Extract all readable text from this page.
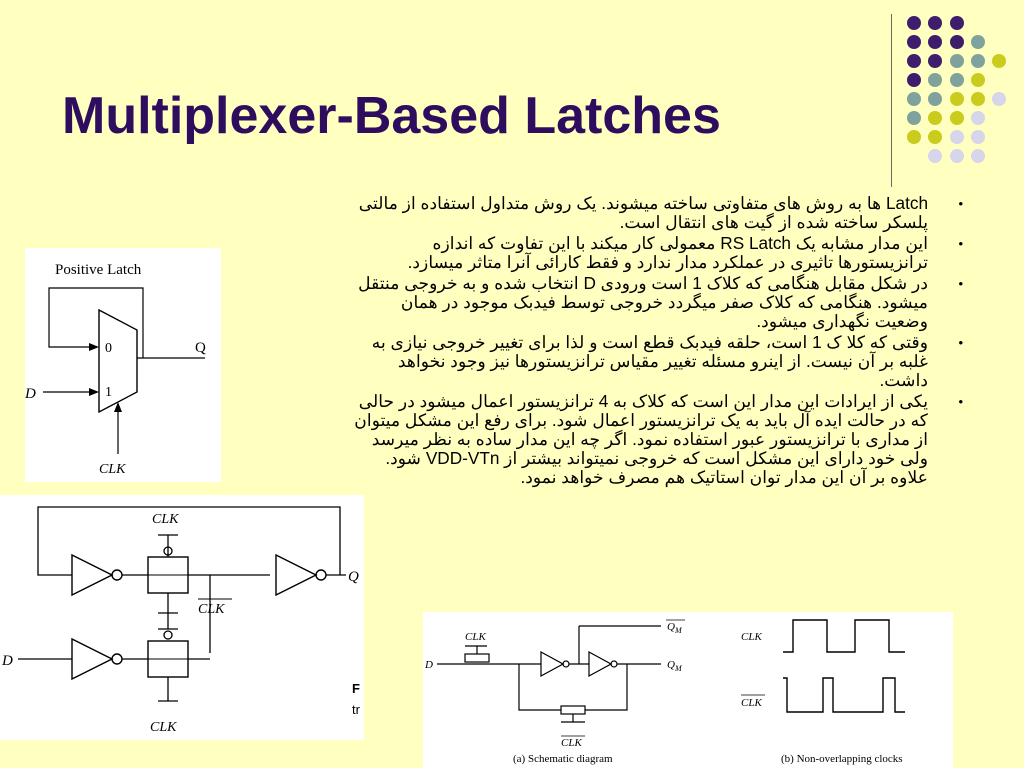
Multiplexer-Based Latches
•
Latch ها به روش های متفاوتی ساخته میشوند. یک روش متداول استفاده از مالتی پلسکر ساخته شده از گیت های انتقال است.
•
این مدار مشابه یک RS Latch معمولی کار میکند با این تفاوت که اندازه ترانزیستورها تاثیری در عملکرد مدار ندارد و فقط کارائی آنرا متاثر میسازد.
•
در شکل مقابل هنگامی که کلاک 1 است ورودی D انتخاب شده و به خروجی منتقل میشود. هنگامی که کلاک صفر میگردد خروجی توسط فیدبک موجود در همان وضعیت نگهداری میشود.
•
وقتی که کلا ک 1 است، حلقه فیدبک قطع است و لذا برای تغییر خروجی نیازی به غلبه بر آن نیست. از اینرو مسئله تغییر مقیاس ترانزیستورها نیز وجود نخواهد داشت.
•
یکی از ایرادات این مدار این است که کلاک به 4 ترانزیستور اعمال میشود در حالی که در حالت ایده آل باید به یک ترانزیستور اعمال شود. برای رفع این مشکل میتوان از مداری با ترانزیستور عبور استفاده نمود. اگر چه این مدار ساده به نظر میرسد ولی خود دارای این مشکل است که خروجی نمیتواند بیشتر از VDD-VTn شود. علاوه بر آن این مدار توان استاتیک هم مصرف خواهد نمود.
Positive Latch
0
1
Q
D
CLK
CLK
CLK
Q
D
CLK
F
tr
CLK
D
$Q_M$
$Q_M$
CLK
(a) Schematic diagram
CLK
CLK
(b) Non-overlapping clocks
